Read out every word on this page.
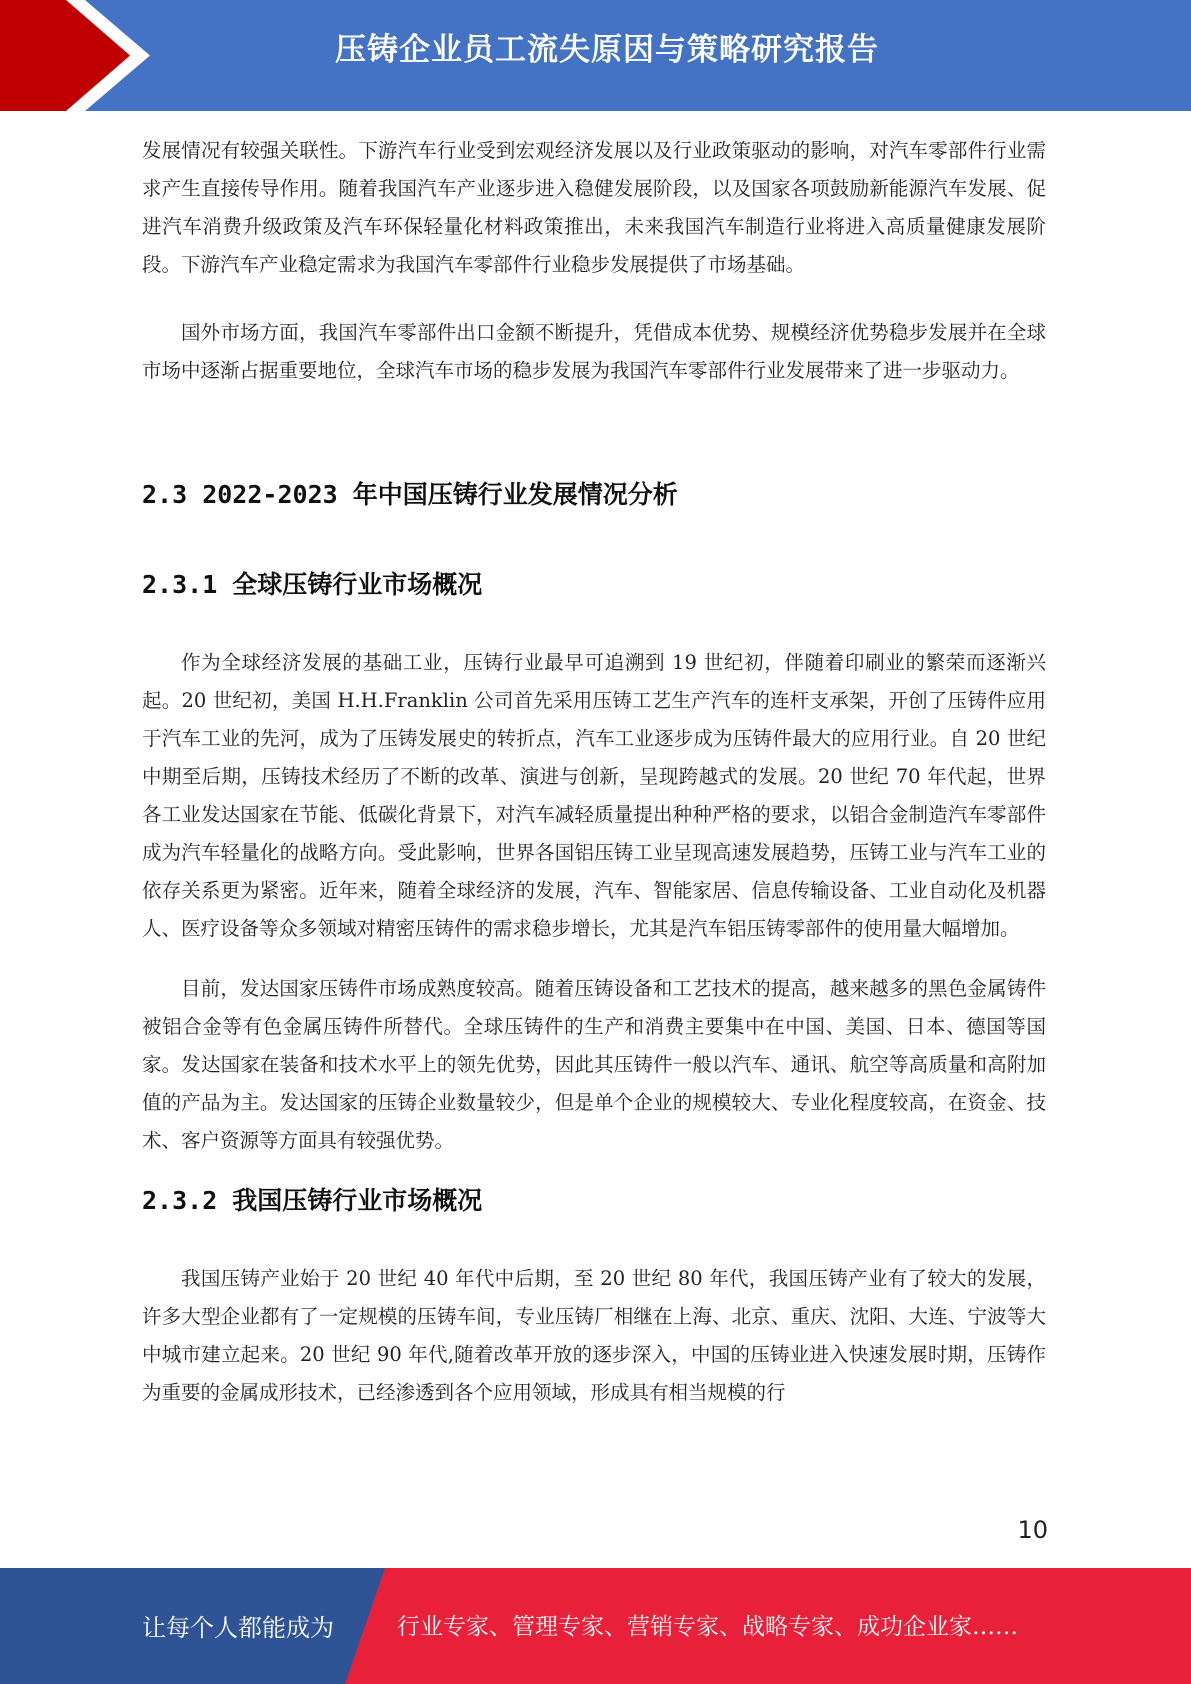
压铸企业员工流失原因与策略研究报告

发展情况有较强关联性。下游汽车行业受到宏观经济发展以及行业政策驱动的影响，对汽车零部件行业需求产生直接传导作用。随着我国汽车产业逐步进入稳健发展阶段，以及国家各项鼓励新能源汽车发展、促进汽车消费升级政策及汽车环保轻量化材料政策推出，未来我国汽车制造行业将进入高质量健康发展阶段。下游汽车产业稳定需求为我国汽车零部件行业稳步发展提供了市场基础。

国外市场方面，我国汽车零部件出口金额不断提升，凭借成本优势、规模经济优势稳步发展并在全球市场中逐渐占据重要地位，全球汽车市场的稳步发展为我国汽车零部件行业发展带来了进一步驱动力。

2.3 2022-2023 年中国压铸行业发展情况分析
2.3.1 全球压铸行业市场概况

作为全球经济发展的基础工业，压铸行业最早可追溯到 19 世纪初，伴随着印刷业的繁荣而逐渐兴起。20 世纪初，美国 H.H.Franklin 公司首先采用压铸工艺生产汽车的连杆支承架，开创了压铸件应用于汽车工业的先河，成为了压铸发展史的转折点，汽车工业逐步成为压铸件最大的应用行业。自 20 世纪中期至后期，压铸技术经历了不断的改革、演进与创新，呈现跨越式的发展。20 世纪 70 年代起，世界各工业发达国家在节能、低碳化背景下，对汽车减轻质量提出种种严格的要求，以铝合金制造汽车零部件成为汽车轻量化的战略方向。受此影响，世界各国铝压铸工业呈现高速发展趋势，压铸工业与汽车工业的依存关系更为紧密。近年来，随着全球经济的发展，汽车、智能家居、信息传输设备、工业自动化及机器人、医疗设备等众多领域对精密压铸件的需求稳步增长，尤其是汽车铝压铸零部件的使用量大幅增加。

目前，发达国家压铸件市场成熟度较高。随着压铸设备和工艺技术的提高，越来越多的黑色金属铸件被铝合金等有色金属压铸件所替代。全球压铸件的生产和消费主要集中在中国、美国、日本、德国等国家。发达国家在装备和技术水平上的领先优势，因此其压铸件一般以汽车、通讯、航空等高质量和高附加值的产品为主。发达国家的压铸企业数量较少，但是单个企业的规模较大、专业化程度较高，在资金、技术、客户资源等方面具有较强优势。

2.3.2 我国压铸行业市场概况

我国压铸产业始于 20 世纪 40 年代中后期，至 20 世纪 80 年代，我国压铸产业有了较大的发展，许多大型企业都有了一定规模的压铸车间，专业压铸厂相继在上海、北京、重庆、沈阳、大连、宁波等大中城市建立起来。20 世纪 90 年代,随着改革开放的逐步深入，中国的压铸业进入快速发展时期，压铸作为重要的金属成形技术，已经渗透到各个应用领域，形成具有相当规模的行

10
让每个人都能成为	行业专家、管理专家、营销专家、战略专家、成功企业家……
